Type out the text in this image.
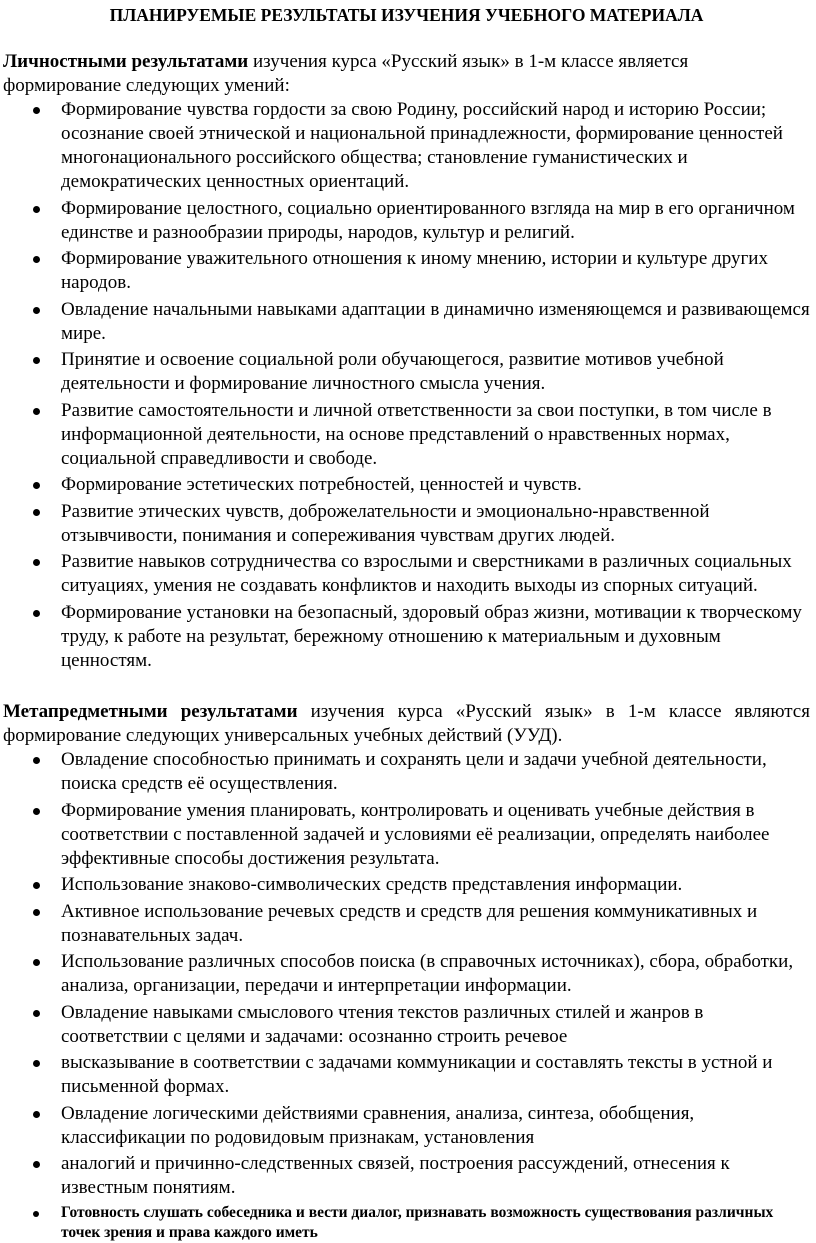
ПЛАНИРУЕМЫЕ РЕЗУЛЬТАТЫ ИЗУЧЕНИЯ УЧЕБНОГО МАТЕРИАЛА

Личностными результатами изучения курса «Русский язык» в 1-м классе является формирование следующих умений:

Формирование чувства гордости за свою Родину, российский народ и историю России; осознание своей этнической и национальной принадлежности, формирование ценностей многонационального российского общества; становление гуманистических и демократических ценностных ориентаций.
Формирование целостного, социально ориентированного взгляда на мир в его органичном единстве и разнообразии природы, народов, культур и религий.
Формирование уважительного отношения к иному мнению, истории и культуре других народов.
Овладение начальными навыками адаптации в динамично изменяющемся и развивающемся мире.
Принятие и освоение социальной роли обучающегося, развитие мотивов учебной деятельности и формирование личностного смысла учения.
Развитие самостоятельности и личной ответственности за свои поступки, в том числе в информационной деятельности, на основе представлений о нравственных нормах, социальной справедливости и свободе.
Формирование эстетических потребностей, ценностей и чувств.
Развитие этических чувств, доброжелательности и эмоционально-нравственной отзывчивости, понимания и сопереживания чувствам других людей.
Развитие навыков сотрудничества со взрослыми и сверстниками в различных социальных ситуациях, умения не создавать конфликтов и находить выходы из спорных ситуаций.
Формирование установки на безопасный, здоровый образ жизни, мотивации к творческому труду, к работе на результат, бережному отношению к материальным и духовным ценностям.

Метапредметными результатами изучения курса «Русский язык» в 1-м классе являются формирование следующих универсальных учебных действий (УУД).

Овладение способностью принимать и сохранять цели и задачи учебной деятельности, поиска средств её осуществления.
Формирование умения планировать, контролировать и оценивать учебные действия в соответствии с поставленной задачей и условиями её реализации, определять наиболее эффективные способы достижения результата.
Использование знаково-символических средств представления информации.
Активное использование речевых средств и средств для решения коммуникативных и познавательных задач.
Использование различных способов поиска (в справочных источниках), сбора, обработки, анализа, организации, передачи и интерпретации информации.
Овладение навыками смыслового чтения текстов различных стилей и жанров в соответствии с целями и задачами: осознанно строить речевое
высказывание в соответствии с задачами коммуникации и составлять тексты в устной и письменной формах.
Овладение логическими действиями сравнения, анализа, синтеза, обобщения, классификации по родовидовым признакам, установления
аналогий и причинно-следственных связей, построения рассуждений, отнесения к известным понятиям.
Готовность слушать собеседника и вести диалог, признавать возможность существования различных точек зрения и права каждого иметь
